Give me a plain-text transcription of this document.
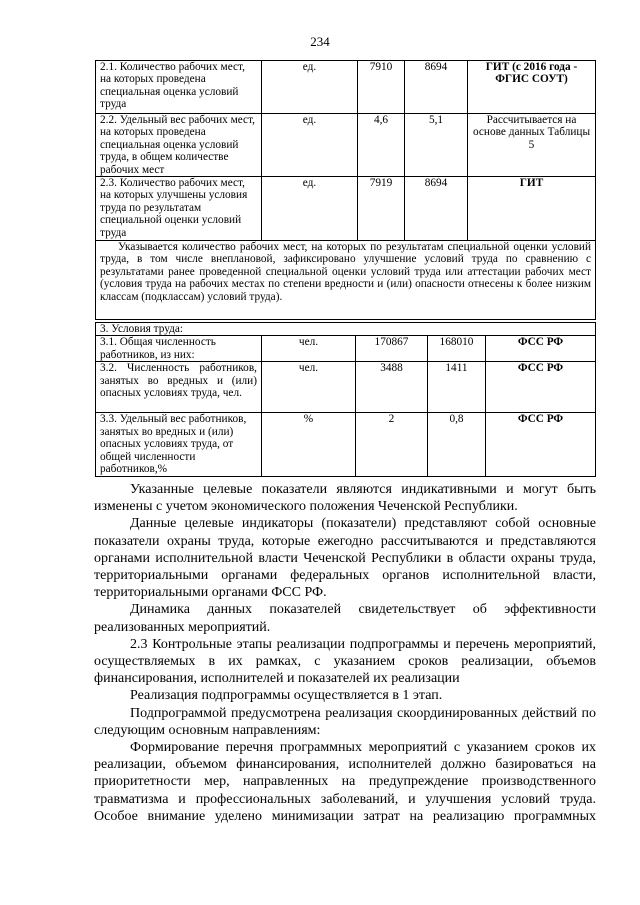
234
2.1. Количество рабочих мест, на которых проведена специальная оценка условий труда	ед.	7910	8694	ГИТ (с 2016 года - ФГИС СОУТ)
2.2. Удельный вес рабочих мест, на которых проведена специальная оценка условий труда, в общем количестве рабочих мест	ед.	4,6	5,1	Рассчитывается на основе данных Таблицы 5
2.3. Количество рабочих мест, на которых улучшены условия труда по результатам специальной оценки условий труда	ед.	7919	8694	ГИТ
Указывается количество рабочих мест, на которых по результатам специальной оценки условий труда, в том числе внеплановой, зафиксировано улучшение условий труда по сравнению с результатами ранее проведенной специальной оценки условий труда или аттестации рабочих мест (условия труда на рабочих местах по степени вредности и (или) опасности отнесены к более низким классам (подклассам) условий труда).				
3. Условия труда:				
3.1. Общая численность работников, из них:	чел.	170867	168010	ФСС РФ
3.2. Численность работников, занятых во вредных и (или) опасных условиях труда, чел.	чел.	3488	1411	ФСС РФ
3.3. Удельный вес работников, занятых во вредных и (или) опасных условиях труда, от общей численности работников,%	%	2	0,8	ФСС РФ

Указанные целевые показатели являются индикативными и могут быть изменены с учетом экономического положения Чеченской Республики.

Данные целевые индикаторы (показатели) представляют собой основные показатели охраны труда, которые ежегодно рассчитываются и представляются органами исполнительной власти Чеченской Республики в области охраны труда, территориальными органами федеральных органов исполнительной власти, территориальными органами ФСС РФ.

Динамика данных показателей свидетельствует об эффективности реализованных мероприятий.

2.3 Контрольные этапы реализации подпрограммы и перечень мероприятий, осуществляемых в их рамках, с указанием сроков реализации, объемов финансирования, исполнителей и показателей их реализации

Реализация подпрограммы осуществляется в 1 этап.

Подпрограммой предусмотрена реализация скоординированных действий по следующим основным направлениям:

Формирование перечня программных мероприятий с указанием сроков их реализации, объемом финансирования, исполнителей должно базироваться на приоритетности мер, направленных на предупреждение производственного травматизма и профессиональных заболеваний, и улучшения условий труда. Особое внимание уделено минимизации затрат на реализацию программных
